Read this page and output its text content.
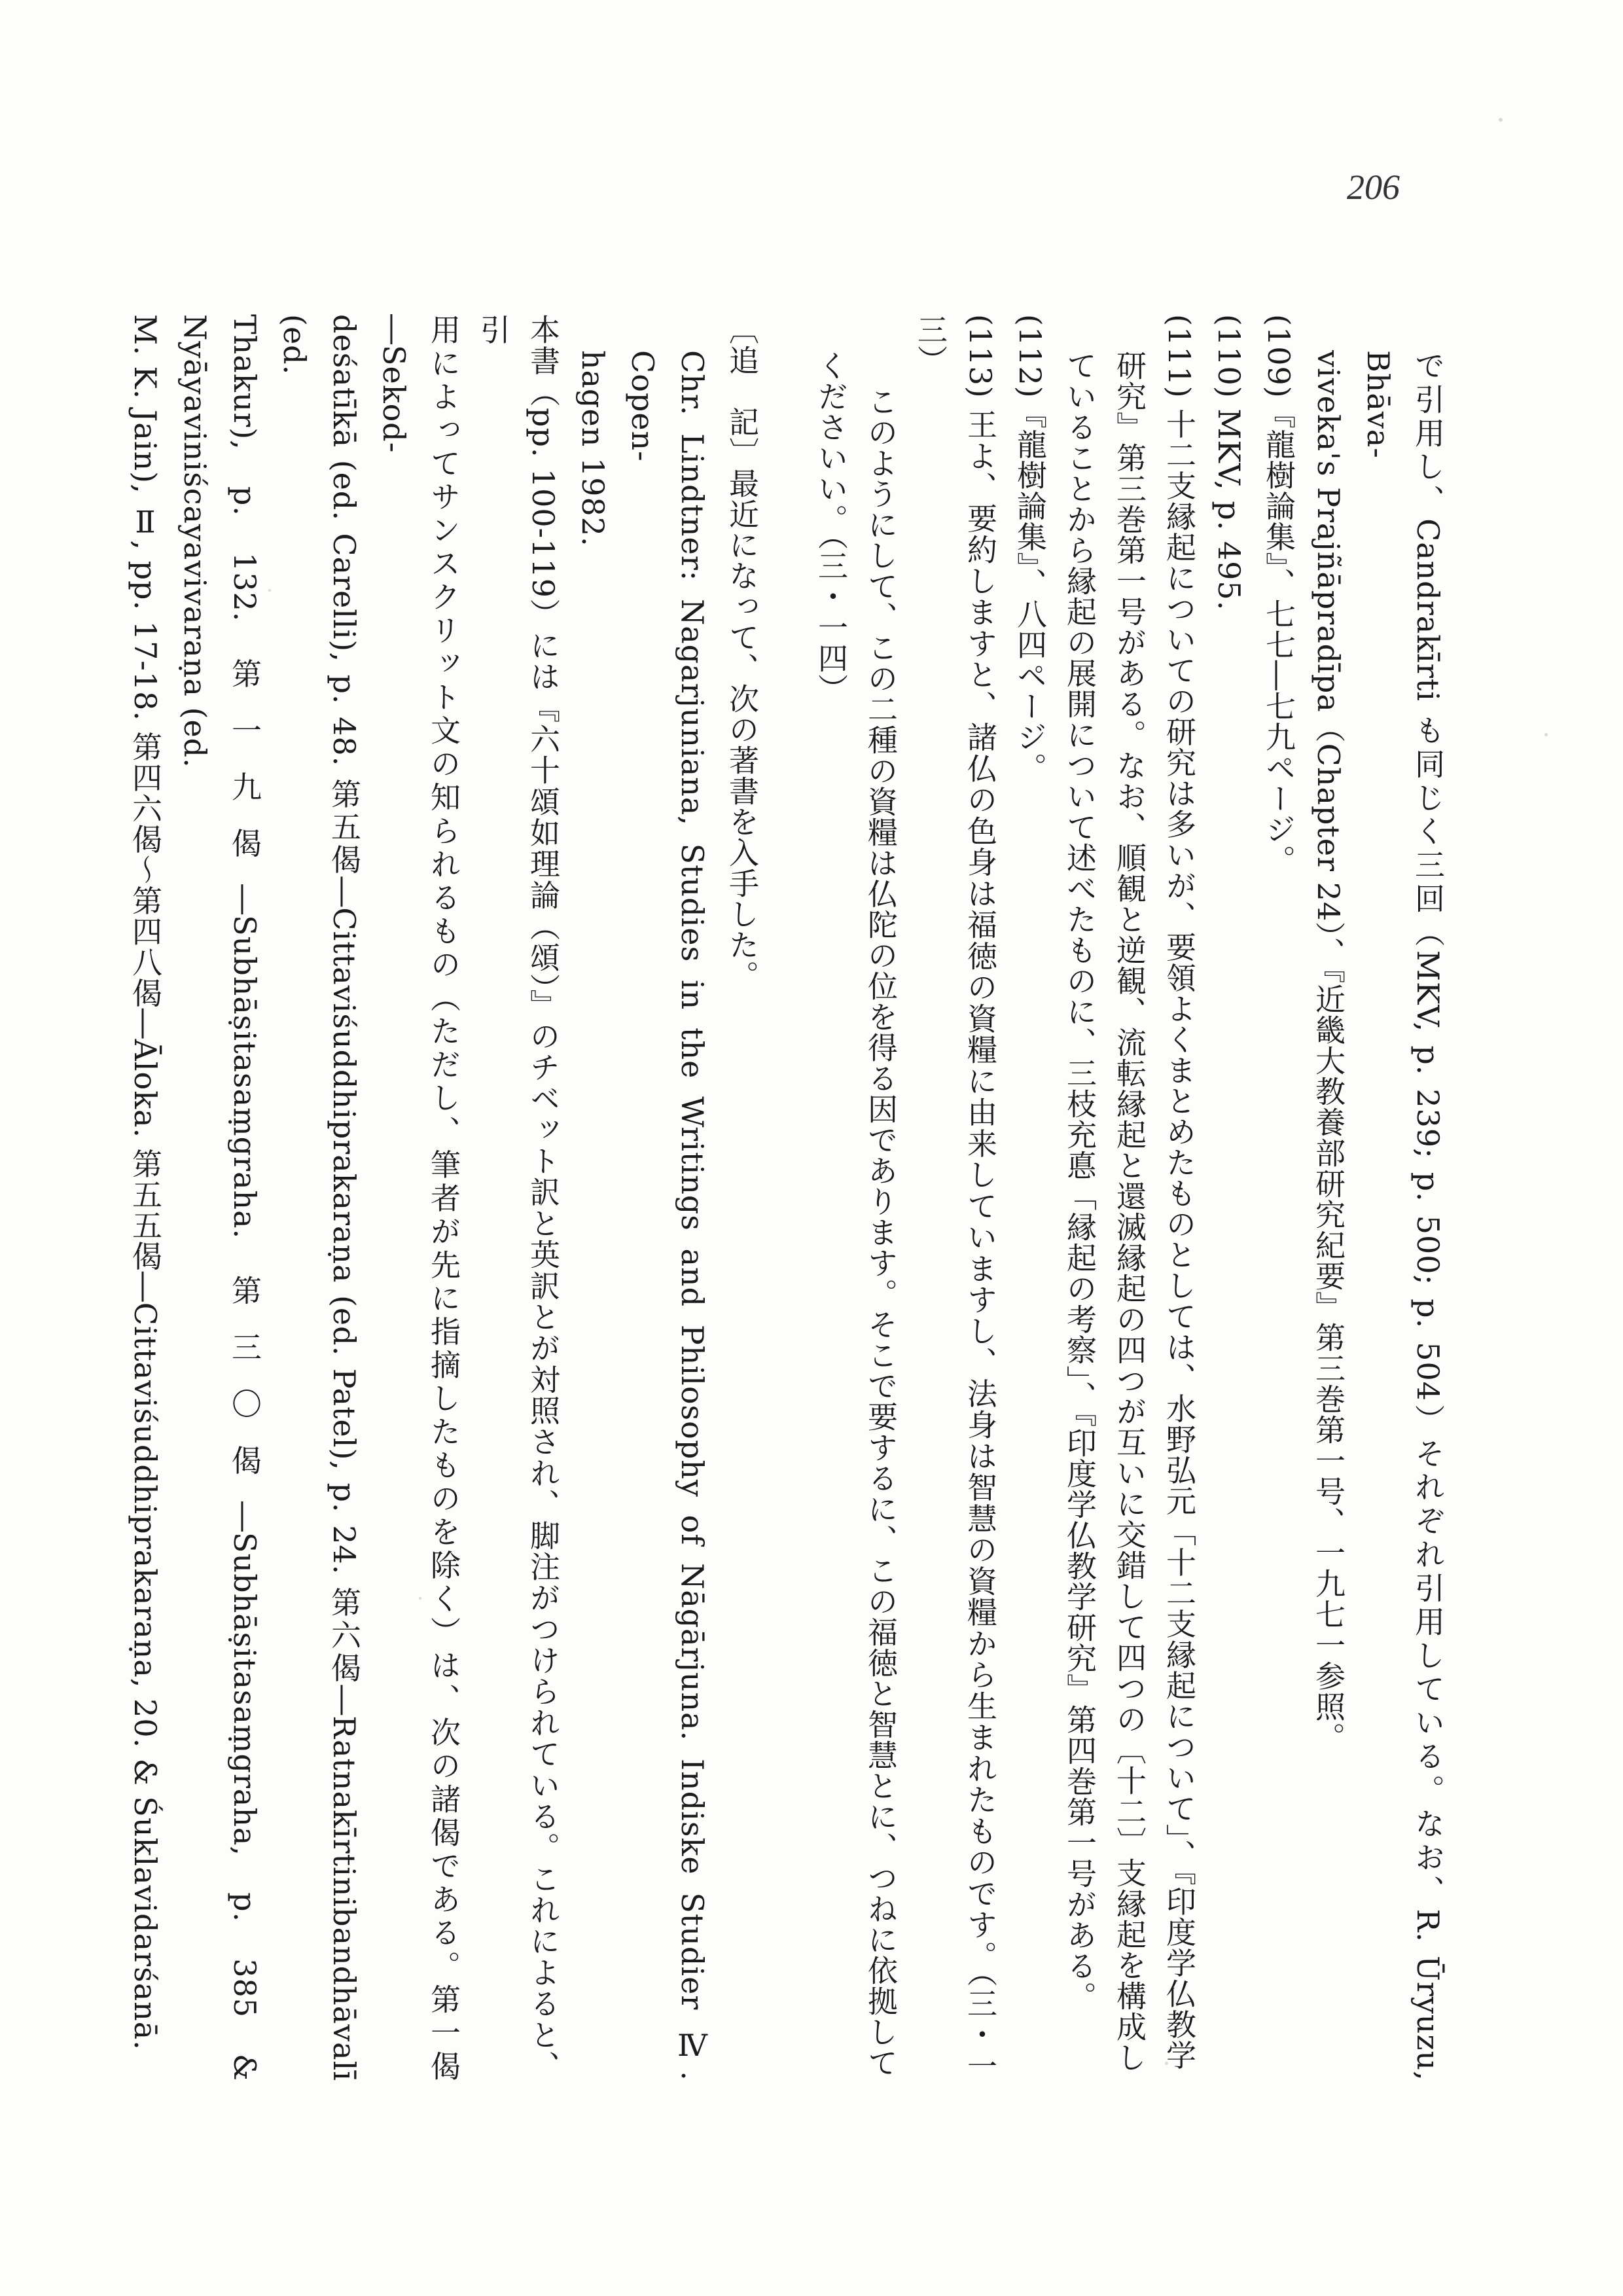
206
で引用し、Candrakīrti も同じく三回（MKV, p. 239; p. 500; p. 504）それぞれ引用している。なお、R. Ūryuzu, Bhāva-
viveka's Prajñāpradīpa（Chapter 24）、『近畿大教養部研究紀要』第三巻第一号、一九七一参照。
(109)『龍樹論集』、七七―七九ページ。
(110) MKV, p. 495.
(111) 十二支縁起についての研究は多いが、要領よくまとめたものとしては、水野弘元「十二支縁起について」、『印度学仏教学
研究』第三巻第一号がある。なお、順観と逆観、流転縁起と還滅縁起の四つが互いに交錯して四つの〔十二〕支縁起を構成し
ていることから縁起の展開について述べたものに、三枝充悳「縁起の考察」、『印度学仏教学研究』第四巻第一号がある。
(112)『龍樹論集』、八四ページ。
(113) 王よ、要約しますと、諸仏の色身は福徳の資糧に由来していますし、法身は智慧の資糧から生まれたものです。（三・一三）
このようにして、この二種の資糧は仏陀の位を得る因であります。そこで要するに、この福徳と智慧とに、つねに依拠して
くださいい。（三・一四）
〔追　記〕最近になって、次の著書を入手した。
Chr. Lindtner: Nagarjuniana, Studies in the Writings and Philosophy of Nāgārjuna. Indiske Studier Ⅳ. Copen-
hagen 1982.
本書（pp. 100-119）には『六十頌如理論（頌）』のチベット訳と英訳とが対照され、脚注がつけられている。これによると、引
用によってサンスクリット文の知られるもの（ただし、筆者が先に指摘したものを除く）は、次の諸偈である。第一偈―Sekod-
deśatīkā (ed. Carelli), p. 48. 第五偈―Cittaviśuddhiprakaraṇa (ed. Patel), p. 24. 第六偈―Ratnakīrtinibandhāvalī (ed.
Thakur), p. 132. 第一九偈―Subhāṣitasaṃgraha. 第三〇偈―Subhāṣitasaṃgraha, p. 385 & Nyāyaviniścayavivaraṇa (ed.
M. K. Jain), Ⅱ, pp. 17-18. 第四六偈～第四八偈―Āloka. 第五五偈―Cittaviśuddhiprakaraṇa, 20. & Śuklavidarśanā.
